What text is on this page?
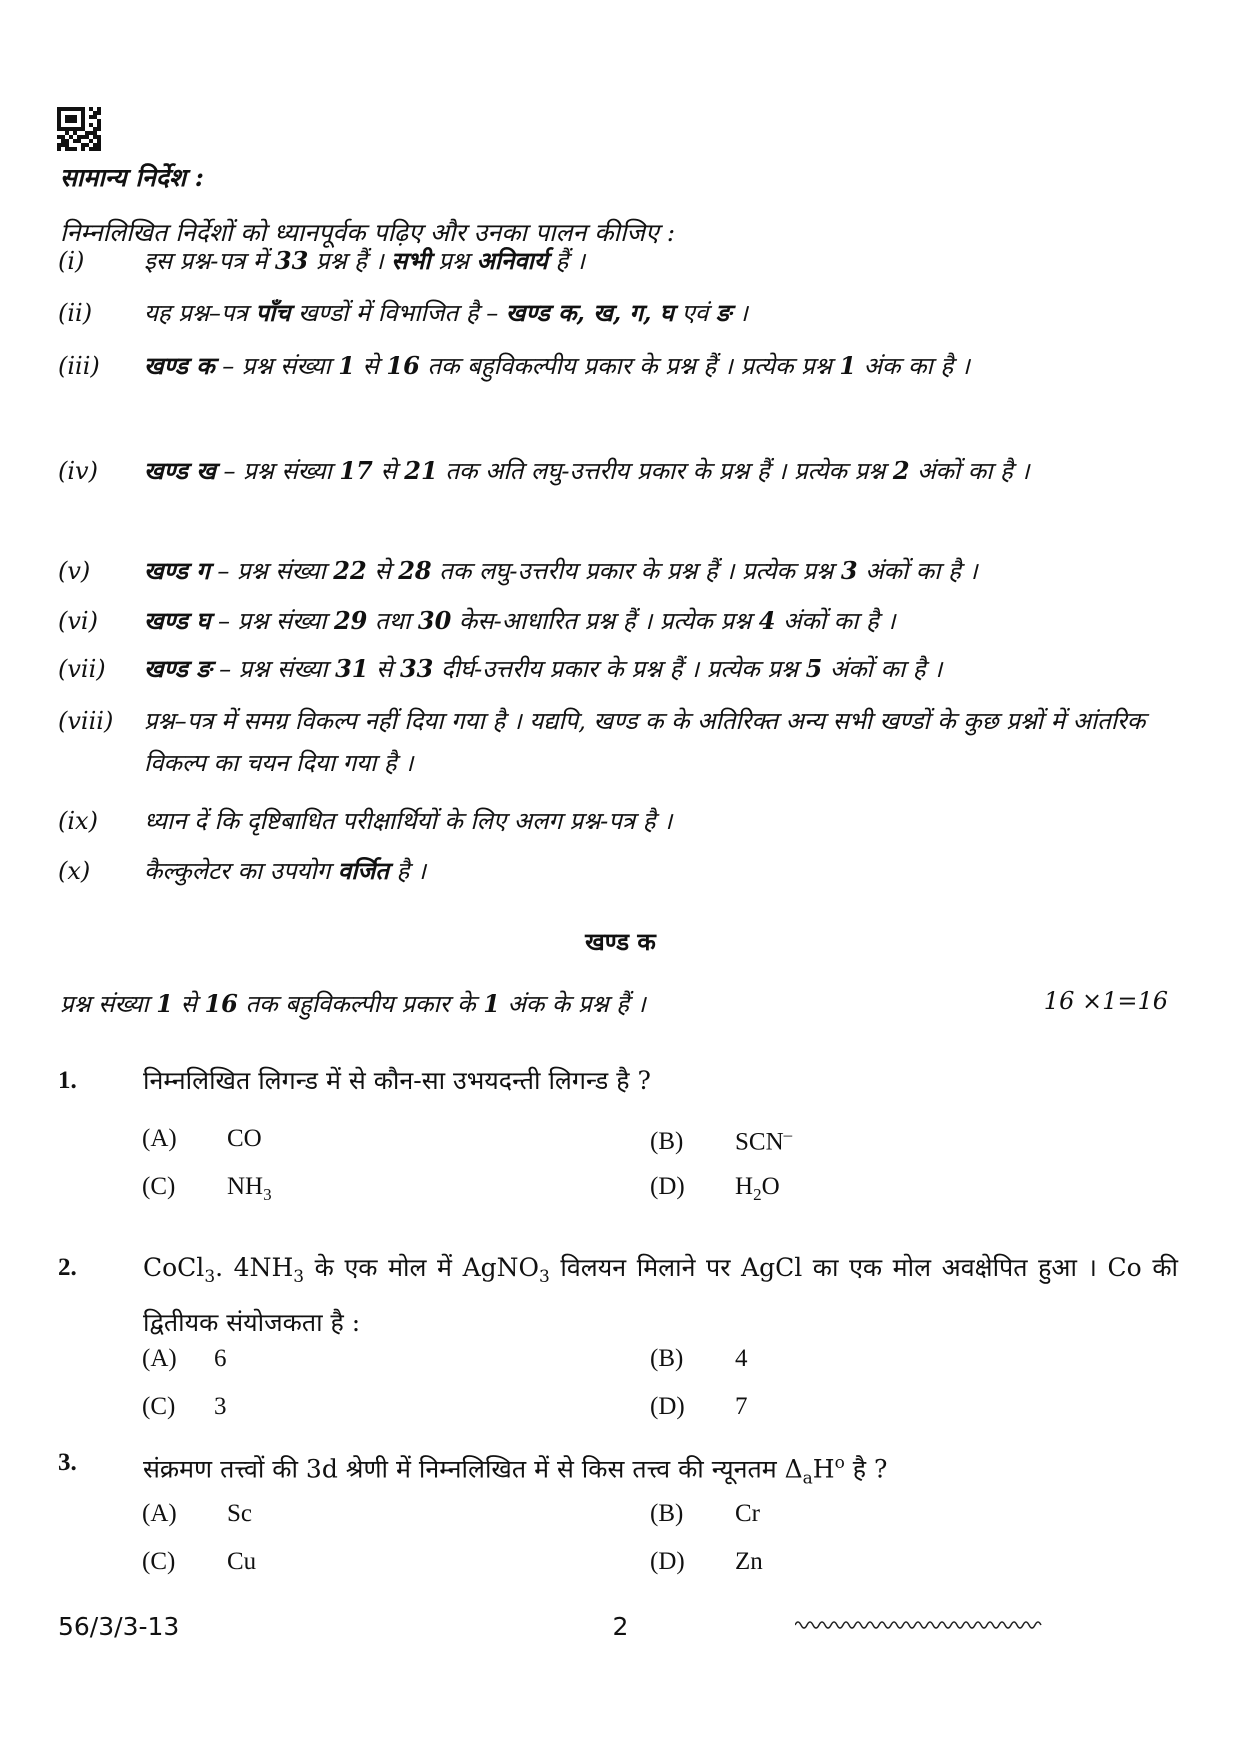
सामान्य निर्देश :
निम्नलिखित निर्देशों को ध्यानपूर्वक पढ़िए और उनका पालन कीजिए :
(i)	इस प्रश्न-पत्र में 33 प्रश्न हैं । सभी प्रश्न अनिवार्य हैं ।
(ii)	यह प्रश्न–पत्र पाँच खण्डों में विभाजित है – खण्ड क, ख, ग, घ एवं ङ ।
(iii)	खण्ड क – प्रश्न संख्या 1 से 16 तक बहुविकल्पीय प्रकार के प्रश्न हैं । प्रत्येक प्रश्न 1 अंक का है ।
(iv)	खण्ड ख – प्रश्न संख्या 17 से 21 तक अति लघु-उत्तरीय प्रकार के प्रश्न हैं । प्रत्येक प्रश्न 2 अंकों का है ।
(v)	खण्ड ग – प्रश्न संख्या 22 से 28 तक लघु-उत्तरीय प्रकार के प्रश्न हैं । प्रत्येक प्रश्न 3 अंकों का है ।
(vi)	खण्ड घ – प्रश्न संख्या 29 तथा 30 केस-आधारित प्रश्न हैं । प्रत्येक प्रश्न 4 अंकों का है ।
(vii)	खण्ड ङ – प्रश्न संख्या 31 से 33 दीर्घ-उत्तरीय प्रकार के प्रश्न हैं । प्रत्येक प्रश्न 5 अंकों का है ।
(viii)	प्रश्न–पत्र में समग्र विकल्प नहीं दिया गया है । यद्यपि, खण्ड क के अतिरिक्त अन्य सभी खण्डों के कुछ प्रश्नों में आंतरिक विकल्प का चयन दिया गया है ।
(ix)	ध्यान दें कि दृष्टिबाधित परीक्षार्थियों के लिए अलग प्रश्न-पत्र है ।
(x)	कैल्कुलेटर का उपयोग वर्जित है ।
खण्ड क
प्रश्न संख्या 1 से 16 तक बहुविकल्पीय प्रकार के 1 अंक के प्रश्न हैं ।	16 ×1=16
1.	निम्नलिखित लिगन्ड में से कौन-सा उभयदन्ती लिगन्ड है ?
(A) CO	(B) SCN–
(C) $NH_3$	(D) $H_2O$
2.	CoCl$_3$. $4NH_3$ के एक मोल में AgNO$_3$ विलयन मिलाने पर AgCl का एक मोल अवक्षेपित हुआ । Co की द्वितीयक संयोजकता है :
(A) 6	(B) 4
(C) 3	(D) 7
3.	संक्रमण तत्त्वों की 3d श्रेणी में निम्नलिखित में से किस तत्त्व की न्यूनतम $\Delta_aH^o$ है ?
(A) Sc	(B) Cr
(C) Cu	(D) Zn
56/3/3-13	2
